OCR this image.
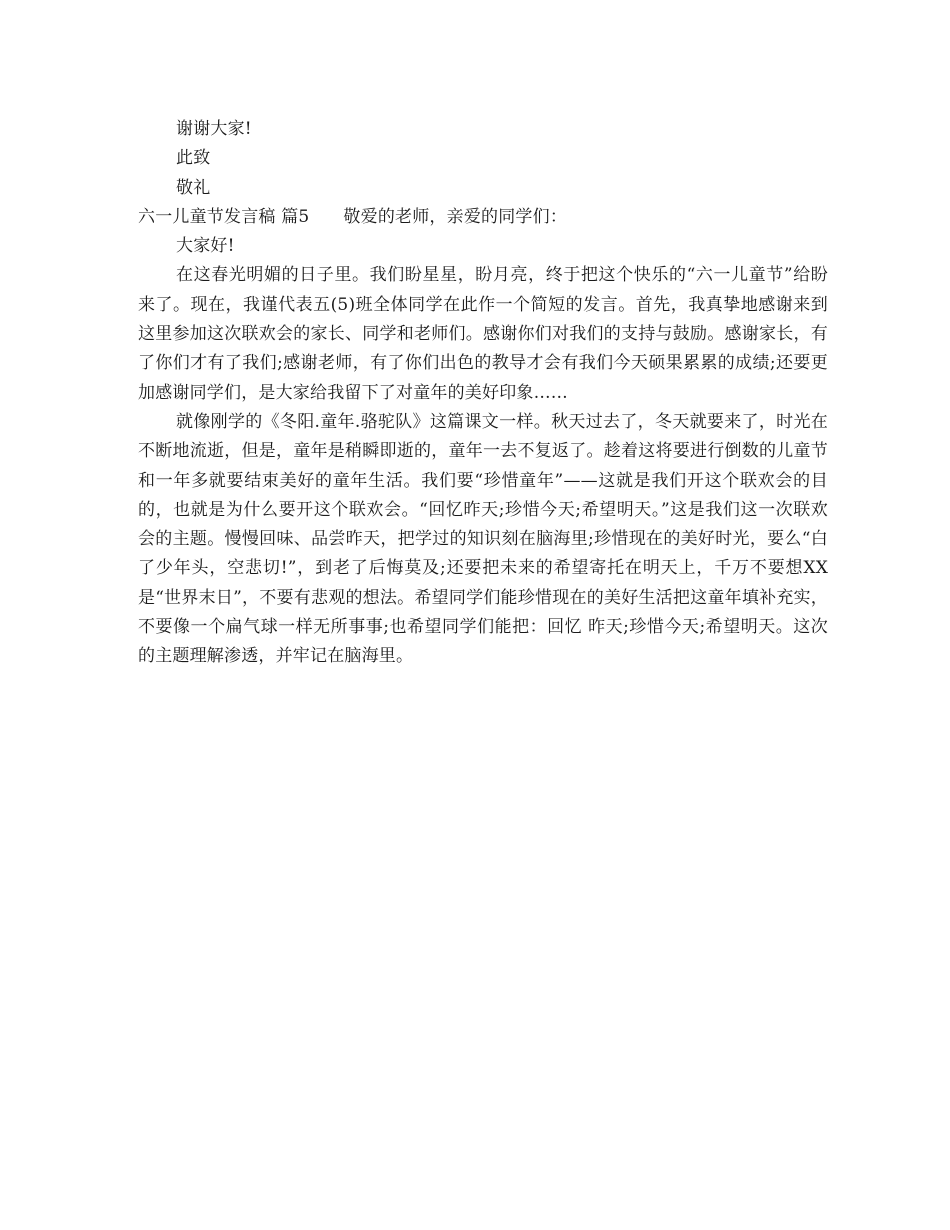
谢谢大家!

此致

敬礼

六一儿童节发言稿 篇5 敬爱的老师，亲爱的同学们：

大家好!

在这春光明媚的日子里。我们盼星星，盼月亮，终于把这个快乐的“六一儿童节”给盼来了。现在，我谨代表五(5)班全体同学在此作一个简短的发言。首先，我真挚地感谢来到这里参加这次联欢会的家长、同学和老师们。感谢你们对我们的支持与鼓励。感谢家长，有了你们才有了我们;感谢老师，有了你们出色的教导才会有我们今天硕果累累的成绩;还要更加感谢同学们，是大家给我留下了对童年的美好印象……

就像刚学的《冬阳.童年.骆驼队》这篇课文一样。秋天过去了，冬天就要来了，时光在不断地流逝，但是，童年是稍瞬即逝的，童年一去不复返了。趁着这将要进行倒数的儿童节和一年多就要结束美好的童年生活。我们要“珍惜童年”——这就是我们开这个联欢会的目的，也就是为什么要开这个联欢会。“回忆昨天;珍惜今天;希望明天。”这是我们这一次联欢会的主题。慢慢回味、品尝昨天，把学过的知识刻在脑海里;珍惜现在的美好时光，要么“白了少年头，空悲切!”，到老了后悔莫及;还要把未来的希望寄托在明天上，千万不要想XX是“世界末日”，不要有悲观的想法。希望同学们能珍惜现在的美好生活把这童年填补充实，不要像一个扁气球一样无所事事;也希望同学们能把：回忆 昨天;珍惜今天;希望明天。这次的主题理解渗透，并牢记在脑海里。
